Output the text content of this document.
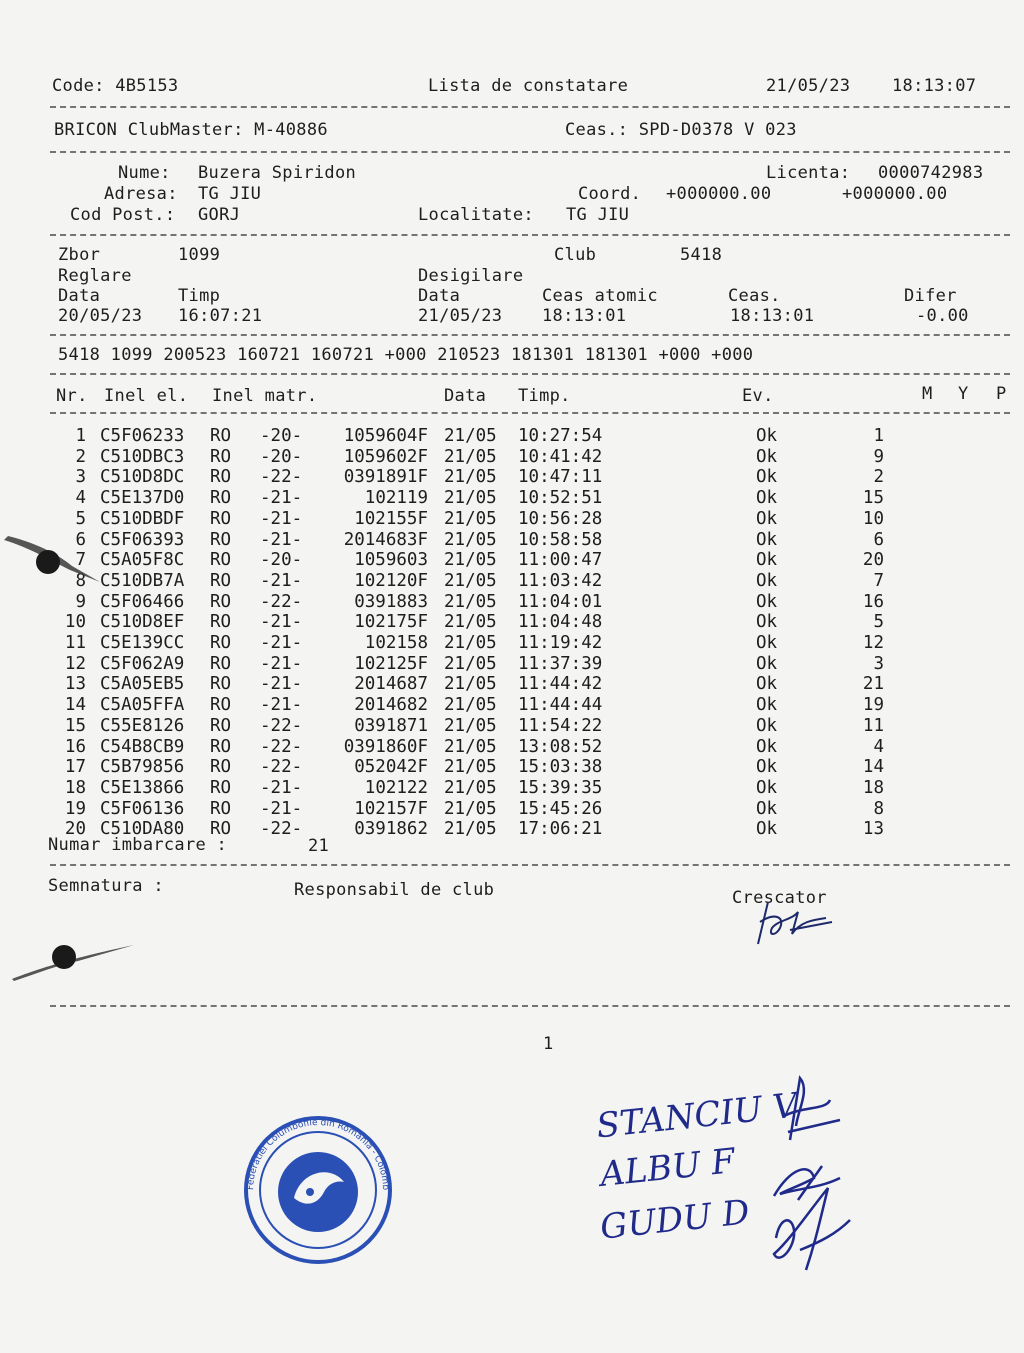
Code: 4B5153	Lista de constatare	21/05/23 18:13:07
BRICON ClubMaster: M-40886	Ceas.: SPD-D0378 V 023
Nume: Buzera Spiridon	Licenta: 0000742983
Adresa: TG JIU	Coord. +000000.00	+000000.00
Cod Post.: GORJ	Localitate: TG JIU
Zbor	1099	Club	5418
Reglare	Desigilare
Data	Timp	Data	Ceas atomic	Ceas.	Difer
20/05/23 16:07:21	21/05/23 18:13:01	18:13:01	-0.00
5418 1099 200523 160721 160721 +000 210523 181301 181301 +000 +000
Nr. Inel el. Inel matr.	Data Timp.	Ev.	M Y P
1 C5F06233 RO -20-	1059604F 21/05 10:27:54	Ok	1
2 C510DBC3 RO -20-	1059602F 21/05 10:41:42	Ok	9
3 C510D8DC RO -22-	0391891F 21/05 10:47:11	Ok	2
4 C5E137D0 RO -21-	102119 21/05 10:52:51	Ok	15
5 C510DBDF RO -21-	102155F 21/05 10:56:28	Ok	10
6 C5F06393 RO -21-	2014683F 21/05 10:58:58	Ok	6
7 C5A05F8C RO -20-	1059603 21/05 11:00:47	Ok	20
8 C510DB7A RO -21-	102120F 21/05 11:03:42	Ok	7
9 C5F06466 RO -22-	0391883 21/05 11:04:01	Ok	16
10 C510D8EF RO -21-	102175F 21/05 11:04:48	Ok	5
11 C5E139CC RO -21-	102158 21/05 11:19:42	Ok	12
12 C5F062A9 RO -21-	102125F 21/05 11:37:39	Ok	3
13 C5A05EB5 RO -21-	2014687 21/05 11:44:42	Ok	21
14 C5A05FFA RO -21-	2014682 21/05 11:44:44	Ok	19
15 C55E8126 RO -22-	0391871 21/05 11:54:22	Ok	11
16 C54B8CB9 RO -22-	0391860F 21/05 13:08:52	Ok	4
17 C5B79856 RO -22-	052042F 21/05 15:03:38	Ok	14
18 C5E13866 RO -21-	102122 21/05 15:39:35	Ok	18
19 C5F06136 RO -21-	102157F 21/05 15:45:26	Ok	8
20 C510DA80 RO -22-	0391862 21/05 17:06:21	Ok	13
Numar imbarcare :	21
Semnatura :	Responsabil de club	Crescator
1
Federatiei Columbofile din Romania - Colomb
STANCIU V
ALBU F
GUDU D
